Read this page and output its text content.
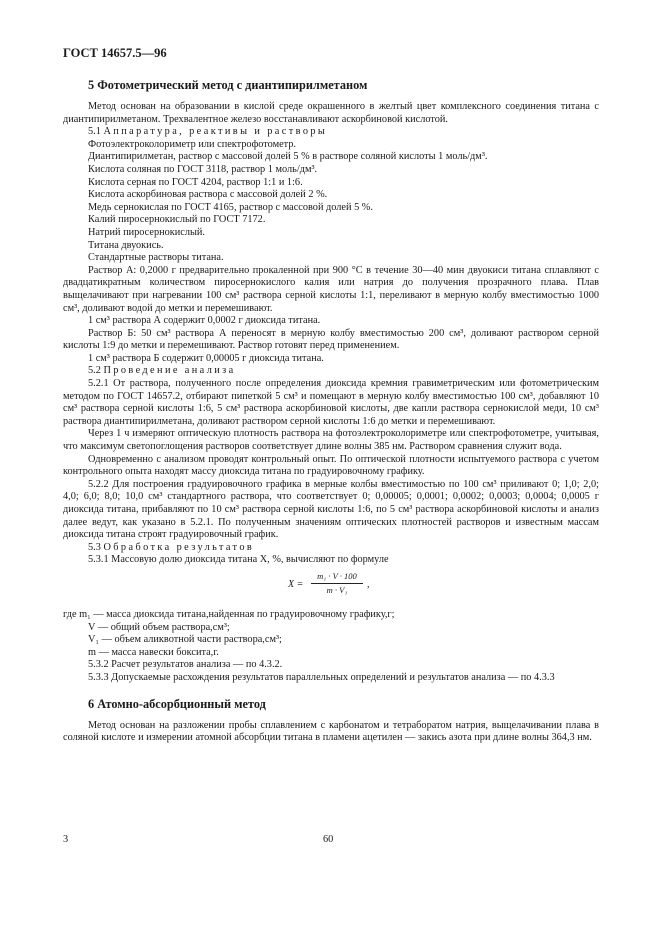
ГОСТ 14657.5—96
5 Фотометрический метод с диантипирилметаном

Метод основан на образовании в кислой среде окрашенного в желтый цвет комплексного соединения титана с диантипирилметаном. Трехвалентное железо восстанавливают аскорбиновой кислотой.

5.1 Аппаратура, реактивы и растворы

Фотоэлектроколориметр или спектрофотометр.

Диантипирилметан, раствор с массовой долей 5 % в растворе соляной кислоты 1 моль/дм³.

Кислота соляная по ГОСТ 3118, раствор 1 моль/дм³.

Кислота серная по ГОСТ 4204, раствор 1:1 и 1:6.

Кислота аскорбиновая раствора с массовой долей 2 %.

Медь сернокислая по ГОСТ 4165, раствор с массовой долей 5 %.

Калий пиросернокислый по ГОСТ 7172.

Натрий пиросернокислый.

Титана двуокись.

Стандартные растворы титана.

Раствор А: 0,2000 г предварительно прокаленной при 900 °С в течение 30—40 мин двуокиси титана сплавляют с двадцатикратным количеством пиросернокислого калия или натрия до получения прозрачного плава. Плав выщелачивают при нагревании 100 см³ раствора серной кислоты 1:1, переливают в мерную колбу вместимостью 1000 см³, доливают водой до метки и перемешивают.

1 см³ раствора А содержит 0,0002 г диоксида титана.

Раствор Б: 50 см³ раствора А переносят в мерную колбу вместимостью 200 см³, доливают раствором серной кислоты 1:9 до метки и перемешивают. Раствор готовят перед применением.

1 см³ раствора Б содержит 0,00005 г диоксида титана.

5.2 Проведение анализа

5.2.1 От раствора, полученного после определения диоксида кремния гравиметрическим или фотометрическим методом по ГОСТ 14657.2, отбирают пипеткой 5 см³ и помещают в мерную колбу вместимостью 100 см³, добавляют 10 см³ раствора серной кислоты 1:6, 5 см³ раствора аскорбиновой кислоты, две капли раствора сернокислой меди, 10 см³ раствора диантипирилметана, доливают раствором серной кислоты 1:6 до метки и перемешивают.

Через 1 ч измеряют оптическую плотность раствора на фотоэлектроколориметре или спектрофотометре, учитывая, что максимум светопоглощения растворов соответствует длине волны 385 нм. Раствором сравнения служит вода.

Одновременно с анализом проводят контрольный опыт. По оптической плотности испытуемого раствора с учетом контрольного опыта находят массу диоксида титана по градуировочному графику.

5.2.2 Для построения градуировочного графика в мерные колбы вместимостью по 100 см³ приливают 0; 1,0; 2,0; 4,0; 6,0; 8,0; 10,0 см³ стандартного раствора, что соответствует 0; 0,00005; 0,0001; 0,0002; 0,0003; 0,0004; 0,0005 г диоксида титана, прибавляют по 10 см³ раствора серной кислоты 1:6, по 5 см³ раствора аскорбиновой кислоты и анализ далее ведут, как указано в 5.2.1. По полученным значениям оптических плотностей растворов и известным массам диоксида титана строят градуировочный график.

5.3 Обработка результатов

5.3.1 Массовую долю диоксида титана X, %, вычисляют по формуле

X =
m₁ · V · 100
m · V₁	,

где m₁ — масса диоксида титана,найденная по градуировочному графику,г;

V — общий объем раствора,см³;

V₁ — объем аликвотной части раствора,см³;

m — масса навески боксита,г.

5.3.2 Расчет результатов анализа — по 4.3.2.

5.3.3 Допускаемые расхождения результатов параллельных определений и результатов анализа — по 4.3.3

6 Атомно-абсорбционный метод

Метод основан на разложении пробы сплавлением с карбонатом и тетраборатом натрия, выщелачивании плава в соляной кислоте и измерении атомной абсорбции титана в пламени ацетилен — закись азота при длине волны 364,3 нм.

3	60
